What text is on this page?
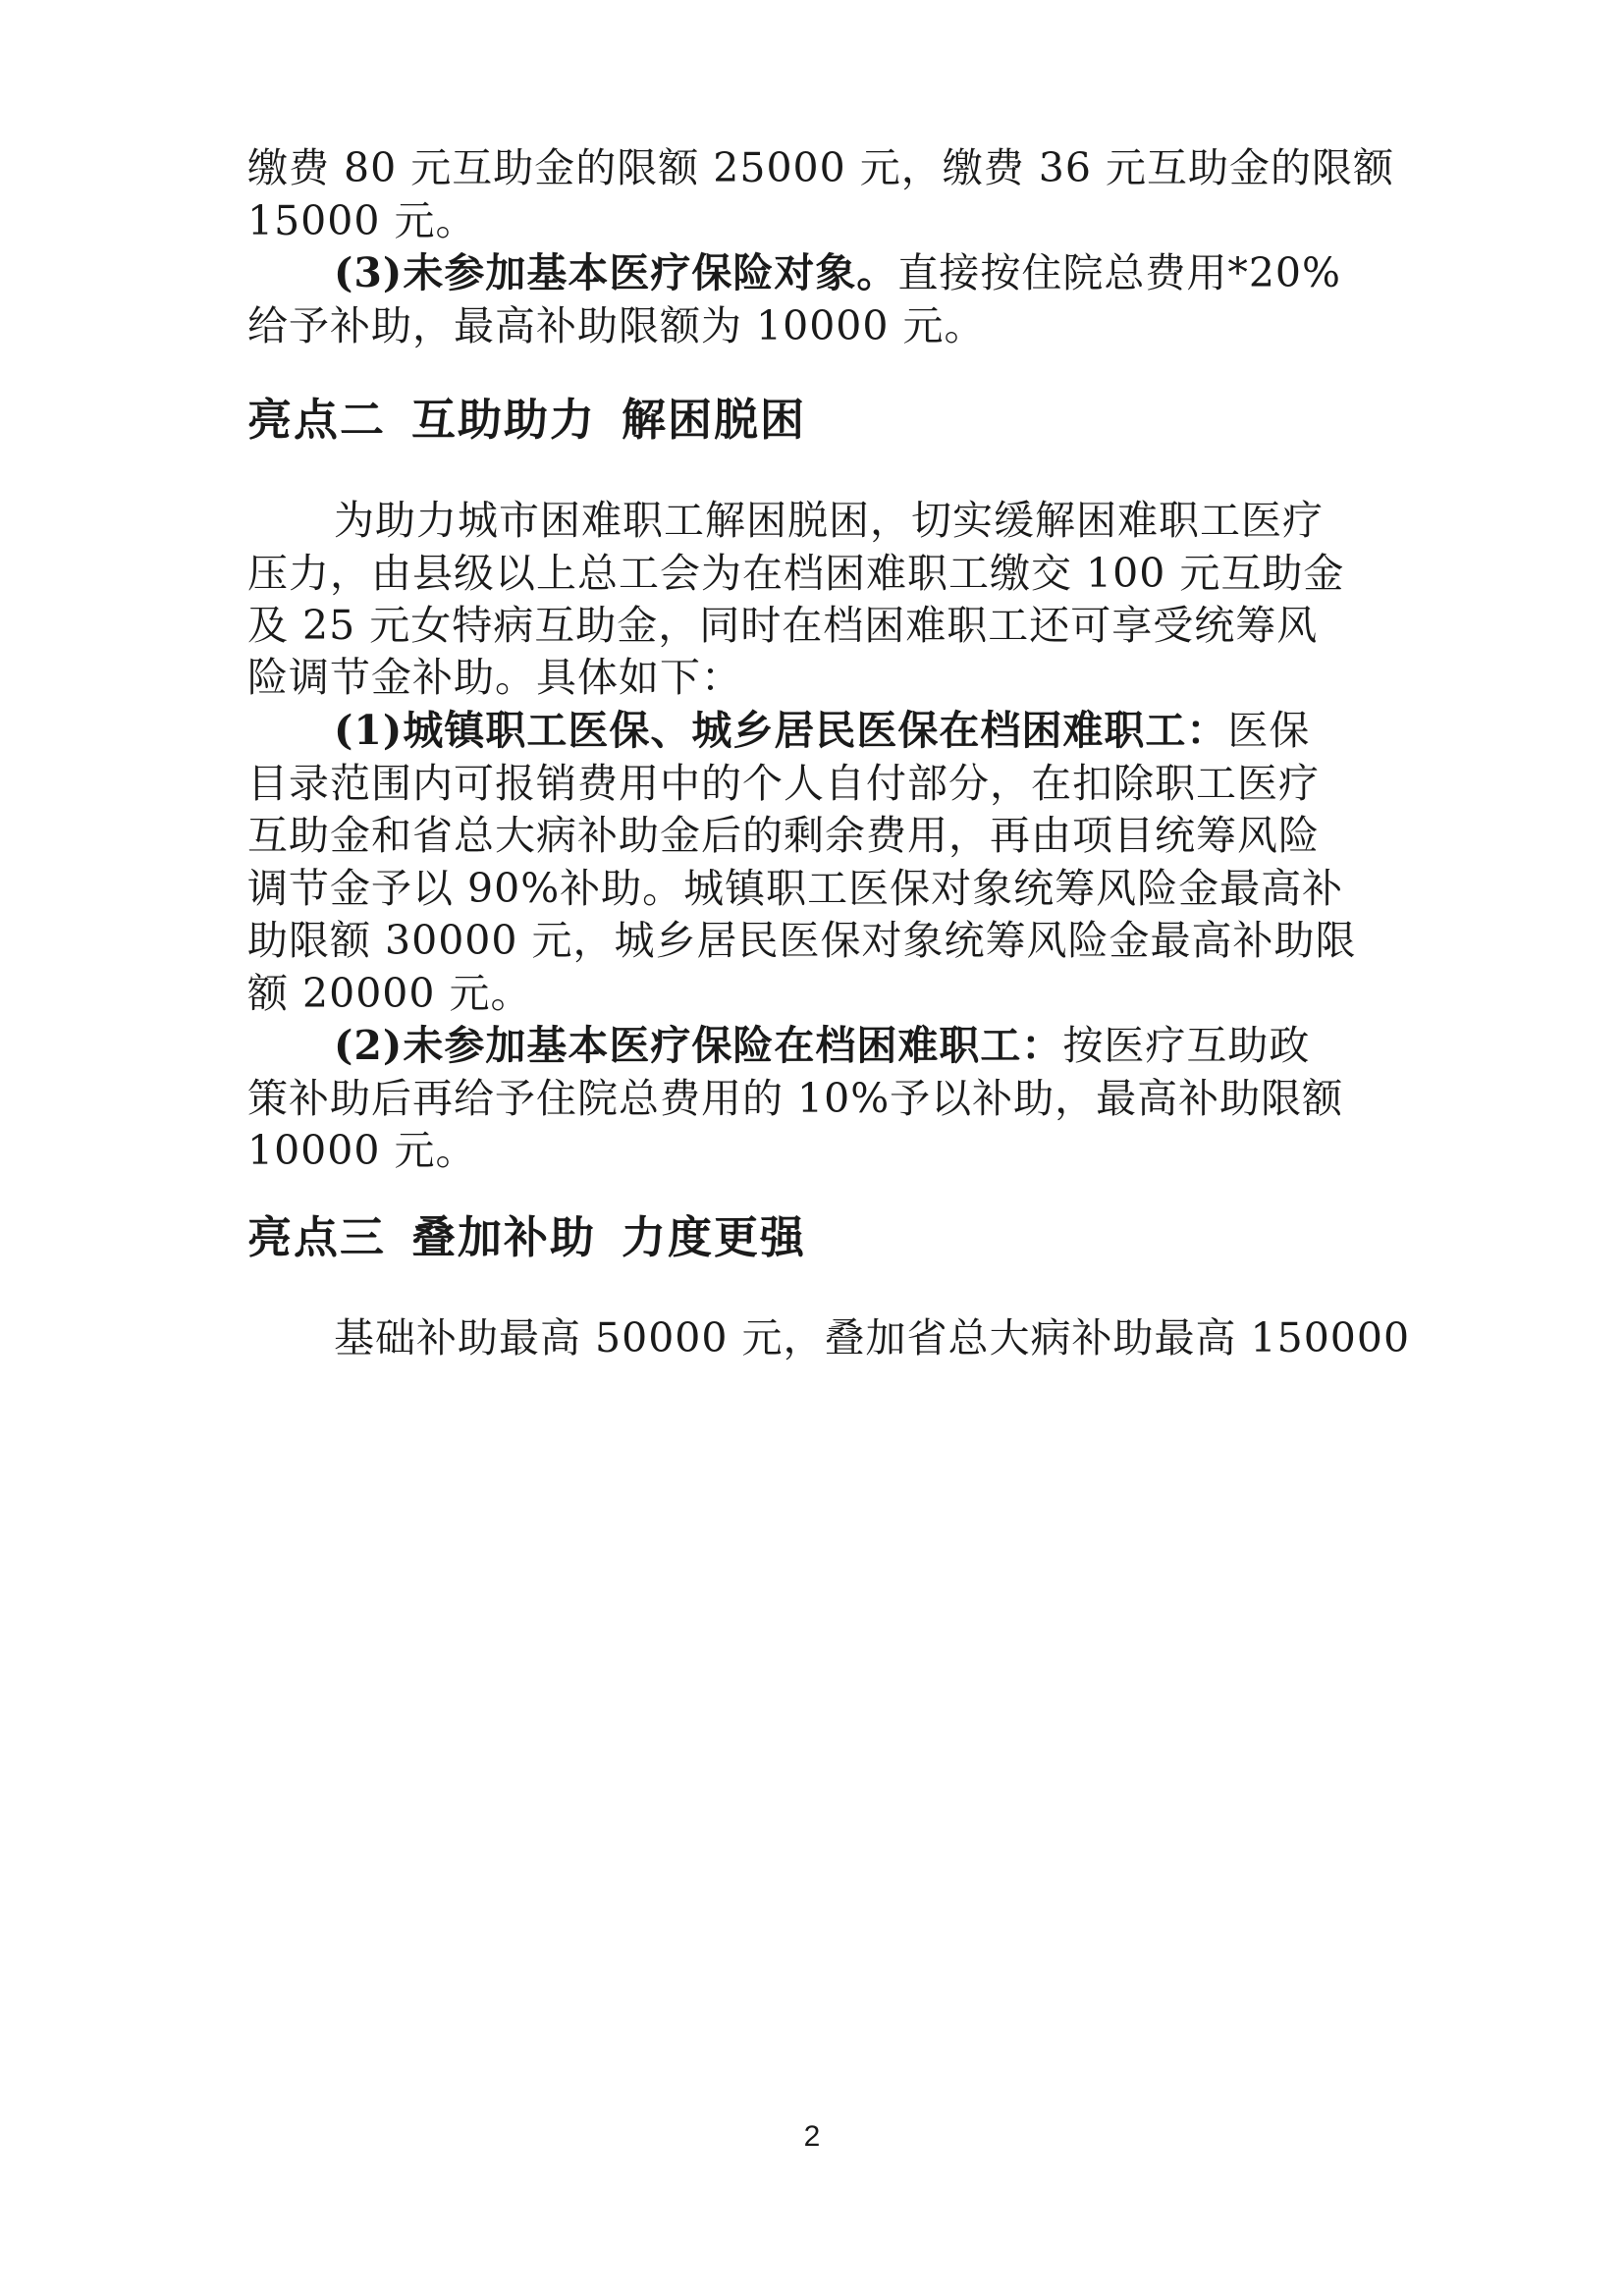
缴费 80 元互助金的限额 25000 元，缴费 36 元互助金的限额
15000 元。
(3)未参加基本医疗保险对象。直接按住院总费用*20%
给予补助，最高补助限额为 10000 元。
亮点二 互助助力 解困脱困
为助力城市困难职工解困脱困，切实缓解困难职工医疗
压力，由县级以上总工会为在档困难职工缴交 100 元互助金
及 25 元女特病互助金，同时在档困难职工还可享受统筹风
险调节金补助。具体如下：
(1)城镇职工医保、城乡居民医保在档困难职工：医保
目录范围内可报销费用中的个人自付部分，在扣除职工医疗
互助金和省总大病补助金后的剩余费用，再由项目统筹风险
调节金予以 90%补助。城镇职工医保对象统筹风险金最高补
助限额 30000 元，城乡居民医保对象统筹风险金最高补助限
额 20000 元。
(2)未参加基本医疗保险在档困难职工：按医疗互助政
策补助后再给予住院总费用的 10%予以补助，最高补助限额
10000 元。
亮点三 叠加补助 力度更强
基础补助最高 50000 元，叠加省总大病补助最高 150000
2
